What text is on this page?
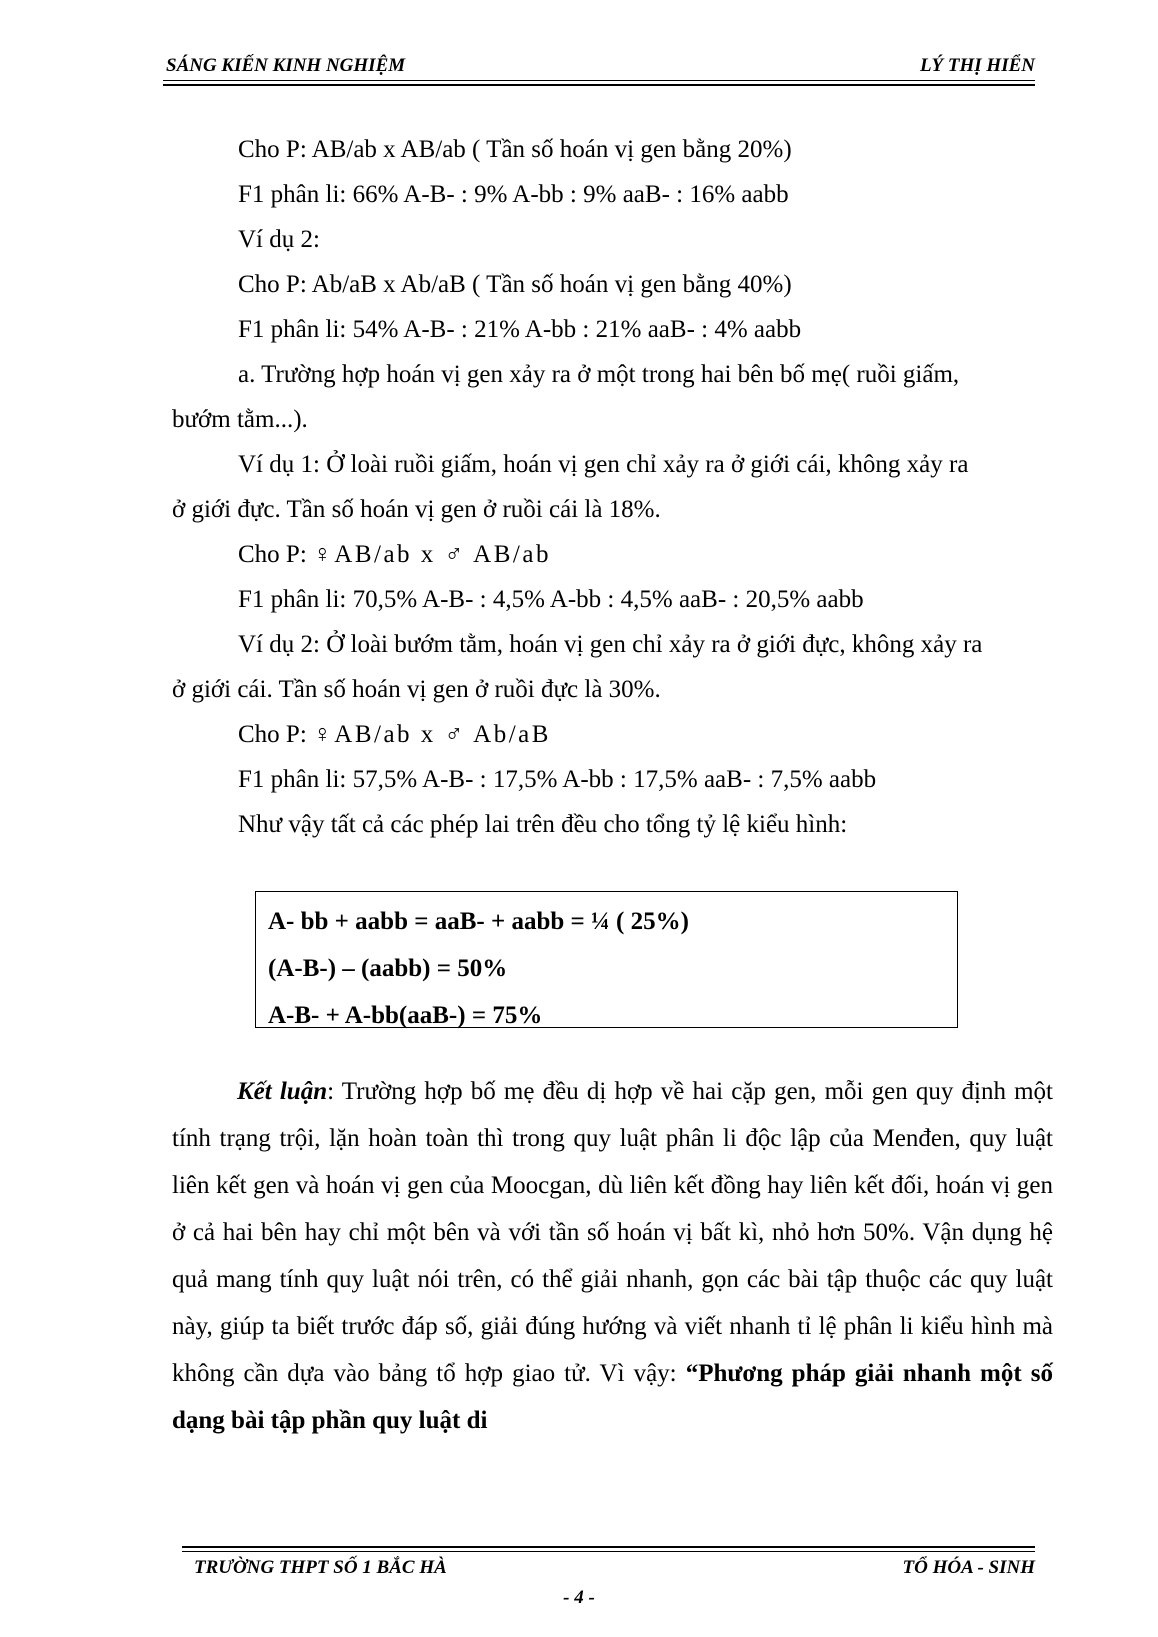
SÁNG KIẾN KINH NGHIỆM	LÝ THỊ HIỂN

Cho P: AB/ab x AB/ab ( Tần số hoán vị gen bằng 20%)

F1 phân li: 66% A-B- : 9% A-bb : 9% aaB- : 16% aabb

Ví dụ 2:

Cho P: Ab/aB x Ab/aB ( Tần số hoán vị gen bằng 40%)

F1 phân li: 54% A-B- : 21% A-bb : 21% aaB- : 4% aabb

a. Trường hợp hoán vị gen xảy ra ở một trong hai bên bố mẹ( ruồi giấm,

bướm tằm...).

Ví dụ 1: Ở loài ruồi giấm, hoán vị gen chỉ xảy ra ở giới cái, không xảy ra

ở giới đực. Tần số hoán vị gen ở ruồi cái là 18%.

Cho P: ♀AB/ab x ♂ AB/ab

F1 phân li: 70,5% A-B- : 4,5% A-bb : 4,5% aaB- : 20,5% aabb

Ví dụ 2: Ở loài bướm tằm, hoán vị gen chỉ xảy ra ở giới đực, không xảy ra

ở giới cái. Tần số hoán vị gen ở ruồi đực là 30%.

Cho P: ♀AB/ab x ♂ Ab/aB

F1 phân li: 57,5% A-B- : 17,5% A-bb : 17,5% aaB- : 7,5% aabb

Như vậy tất cả các phép lai trên đều cho tổng tỷ lệ kiểu hình:

A- bb + aabb = aaB- + aabb = ¼ ( 25%)
(A-B-) – (aabb) = 50%
A-B- + A-bb(aaB-) = 75%

Kết luận: Trường hợp bố mẹ đều dị hợp về hai cặp gen, mỗi gen quy định một tính trạng trội, lặn hoàn toàn thì trong quy luật phân li độc lập của Menđen, quy luật liên kết gen và hoán vị gen của Moocgan, dù liên kết đồng hay liên kết đối, hoán vị gen ở cả hai bên hay chỉ một bên và với tần số hoán vị bất kì, nhỏ hơn 50%. Vận dụng hệ quả mang tính quy luật nói trên, có thể giải nhanh, gọn các bài tập thuộc các quy luật này, giúp ta biết trước đáp số, giải đúng hướng và viết nhanh tỉ lệ phân li kiểu hình mà không cần dựa vào bảng tổ hợp giao tử. Vì vậy: “Phương pháp giải nhanh một số dạng bài tập phần quy luật di

TRƯỜNG THPT SỐ 1 BẮC HÀ	TỔ HÓA - SINH
- 4 -
